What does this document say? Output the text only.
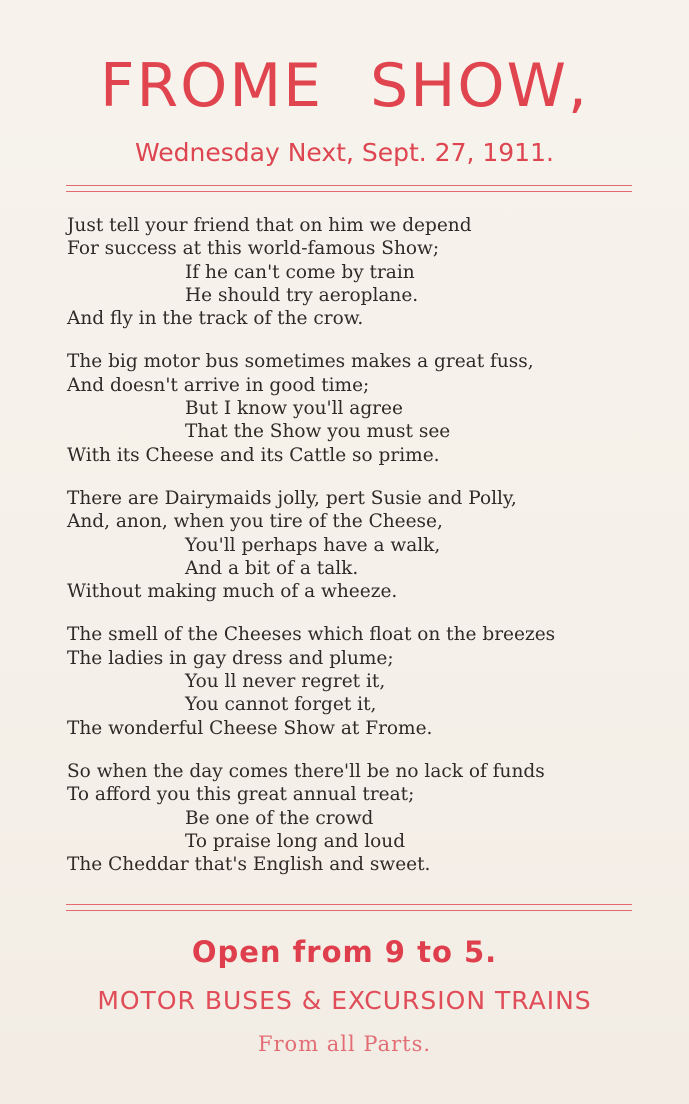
FROME SHOW,
Wednesday Next, Sept. 27, 1911.
Just tell your friend that on him we depend
For success at this world-famous Show;
If he can't come by train
He should try aeroplane.
And fly in the track of the crow.
The big motor bus sometimes makes a great fuss,
And doesn't arrive in good time;
But I know you'll agree
That the Show you must see
With its Cheese and its Cattle so prime.
There are Dairymaids jolly, pert Susie and Polly,
And, anon, when you tire of the Cheese,
You'll perhaps have a walk,
And a bit of a talk.
Without making much of a wheeze.
The smell of the Cheeses which float on the breezes
The ladies in gay dress and plume;
You ll never regret it,
You cannot forget it,
The wonderful Cheese Show at Frome.
So when the day comes there'll be no lack of funds
To afford you this great annual treat;
Be one of the crowd
To praise long and loud
The Cheddar that's English and sweet.
Open from 9 to 5.
MOTOR BUSES & EXCURSION TRAINS
From all Parts.
